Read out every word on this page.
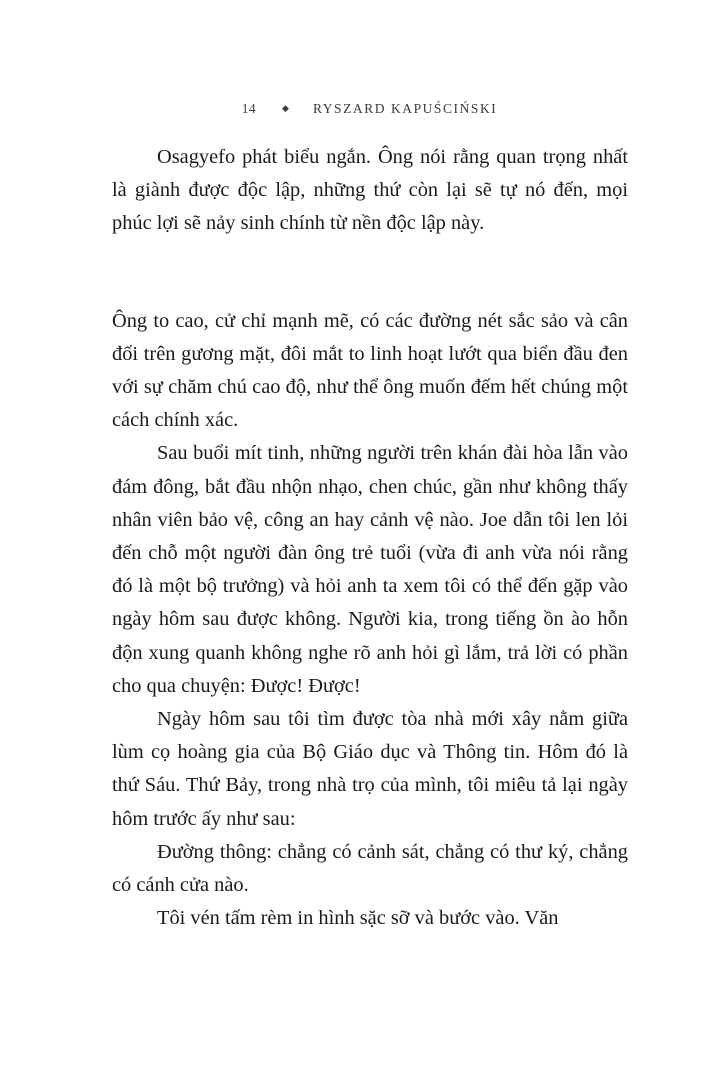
14	◆ RYSZARD KAPUŚCIŃSKI

Osagyefo phát biểu ngắn. Ông nói rằng quan trọng nhất là giành được độc lập, những thứ còn lại sẽ tự nó đến, mọi phúc lợi sẽ nảy sinh chính từ nền độc lập này.

Ông to cao, cử chỉ mạnh mẽ, có các đường nét sắc sảo và cân đối trên gương mặt, đôi mắt to linh hoạt lướt qua biển đầu đen với sự chăm chú cao độ, như thể ông muốn đếm hết chúng một cách chính xác.

Sau buổi mít tinh, những người trên khán đài hòa lẫn vào đám đông, bắt đầu nhộn nhạo, chen chúc, gần như không thấy nhân viên bảo vệ, công an hay cảnh vệ nào. Joe dẫn tôi len lỏi đến chỗ một người đàn ông trẻ tuổi (vừa đi anh vừa nói rằng đó là một bộ trưởng) và hỏi anh ta xem tôi có thể đến gặp vào ngày hôm sau được không. Người kia, trong tiếng ồn ào hỗn độn xung quanh không nghe rõ anh hỏi gì lắm, trả lời có phần cho qua chuyện: Được! Được!

Ngày hôm sau tôi tìm được tòa nhà mới xây nằm giữa lùm cọ hoàng gia của Bộ Giáo dục và Thông tin. Hôm đó là thứ Sáu. Thứ Bảy, trong nhà trọ của mình, tôi miêu tả lại ngày hôm trước ấy như sau:

Đường thông: chẳng có cảnh sát, chẳng có thư ký, chẳng có cánh cửa nào.

Tôi vén tấm rèm in hình sặc sỡ và bước vào. Văn
